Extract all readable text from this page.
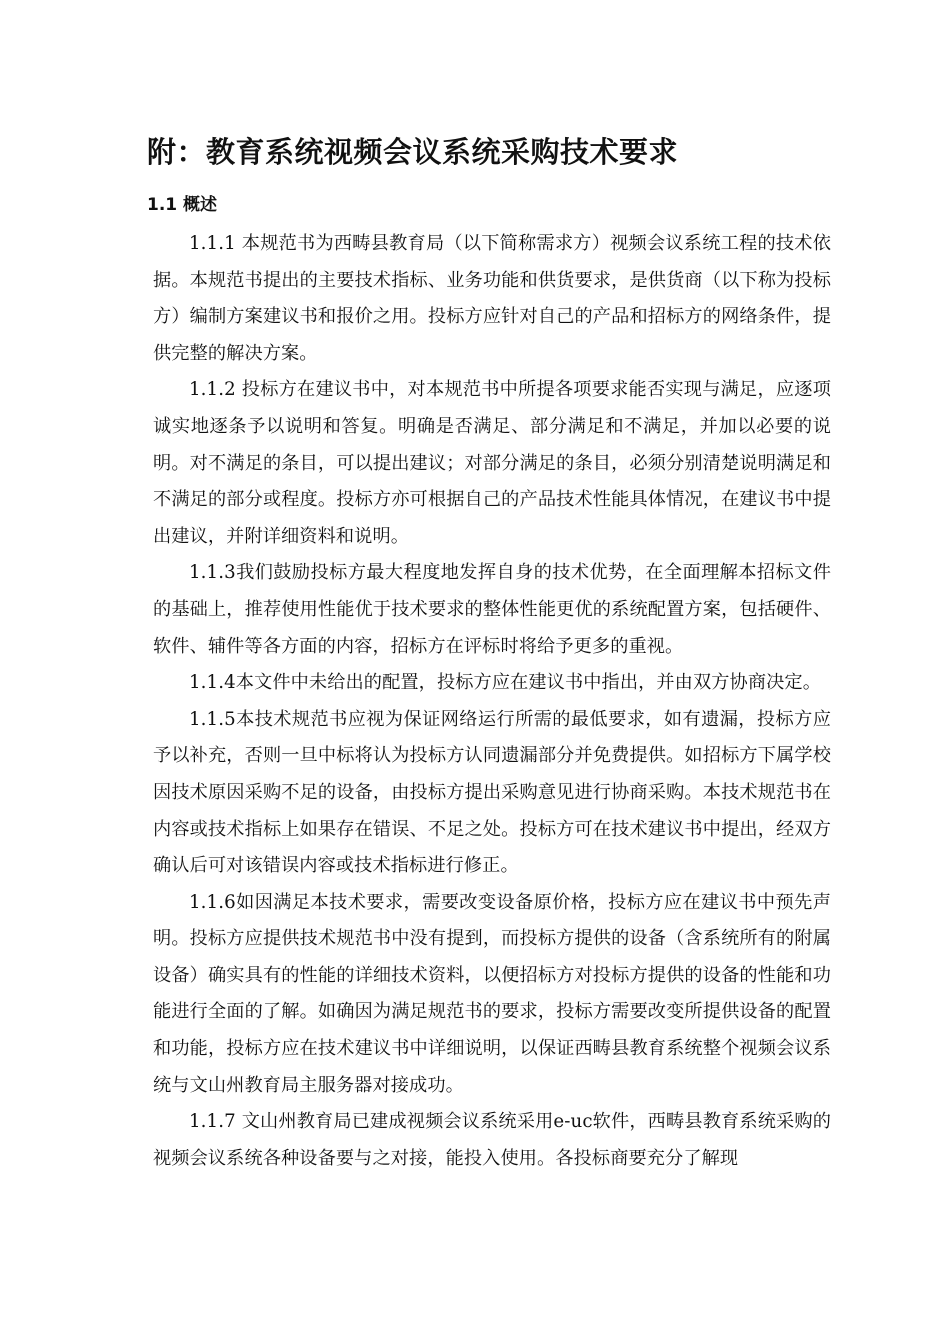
附：教育系统视频会议系统采购技术要求
1.1 概述

1.1.1 本规范书为西畴县教育局（以下简称需求方）视频会议系统工程的技术依据。本规范书提出的主要技术指标、业务功能和供货要求，是供货商（以下称为投标方）编制方案建议书和报价之用。投标方应针对自己的产品和招标方的网络条件，提供完整的解决方案。

1.1.2 投标方在建议书中，对本规范书中所提各项要求能否实现与满足，应逐项诚实地逐条予以说明和答复。明确是否满足、部分满足和不满足，并加以必要的说明。对不满足的条目，可以提出建议；对部分满足的条目，必须分别清楚说明满足和不满足的部分或程度。投标方亦可根据自己的产品技术性能具体情况，在建议书中提出建议，并附详细资料和说明。

1.1.3我们鼓励投标方最大程度地发挥自身的技术优势，在全面理解本招标文件的基础上，推荐使用性能优于技术要求的整体性能更优的系统配置方案，包括硬件、软件、辅件等各方面的内容，招标方在评标时将给予更多的重视。

1.1.4本文件中未给出的配置，投标方应在建议书中指出，并由双方协商决定。

1.1.5本技术规范书应视为保证网络运行所需的最低要求，如有遗漏，投标方应予以补充，否则一旦中标将认为投标方认同遗漏部分并免费提供。如招标方下属学校因技术原因采购不足的设备，由投标方提出采购意见进行协商采购。本技术规范书在内容或技术指标上如果存在错误、不足之处。投标方可在技术建议书中提出，经双方确认后可对该错误内容或技术指标进行修正。

1.1.6如因满足本技术要求，需要改变设备原价格，投标方应在建议书中预先声明。投标方应提供技术规范书中没有提到，而投标方提供的设备（含系统所有的附属设备）确实具有的性能的详细技术资料，以便招标方对投标方提供的设备的性能和功能进行全面的了解。如确因为满足规范书的要求，投标方需要改变所提供设备的配置和功能，投标方应在技术建议书中详细说明，以保证西畴县教育系统整个视频会议系统与文山州教育局主服务器对接成功。

1.1.7 文山州教育局已建成视频会议系统采用e-uc软件，西畴县教育系统采购的视频会议系统各种设备要与之对接，能投入使用。各投标商要充分了解现
